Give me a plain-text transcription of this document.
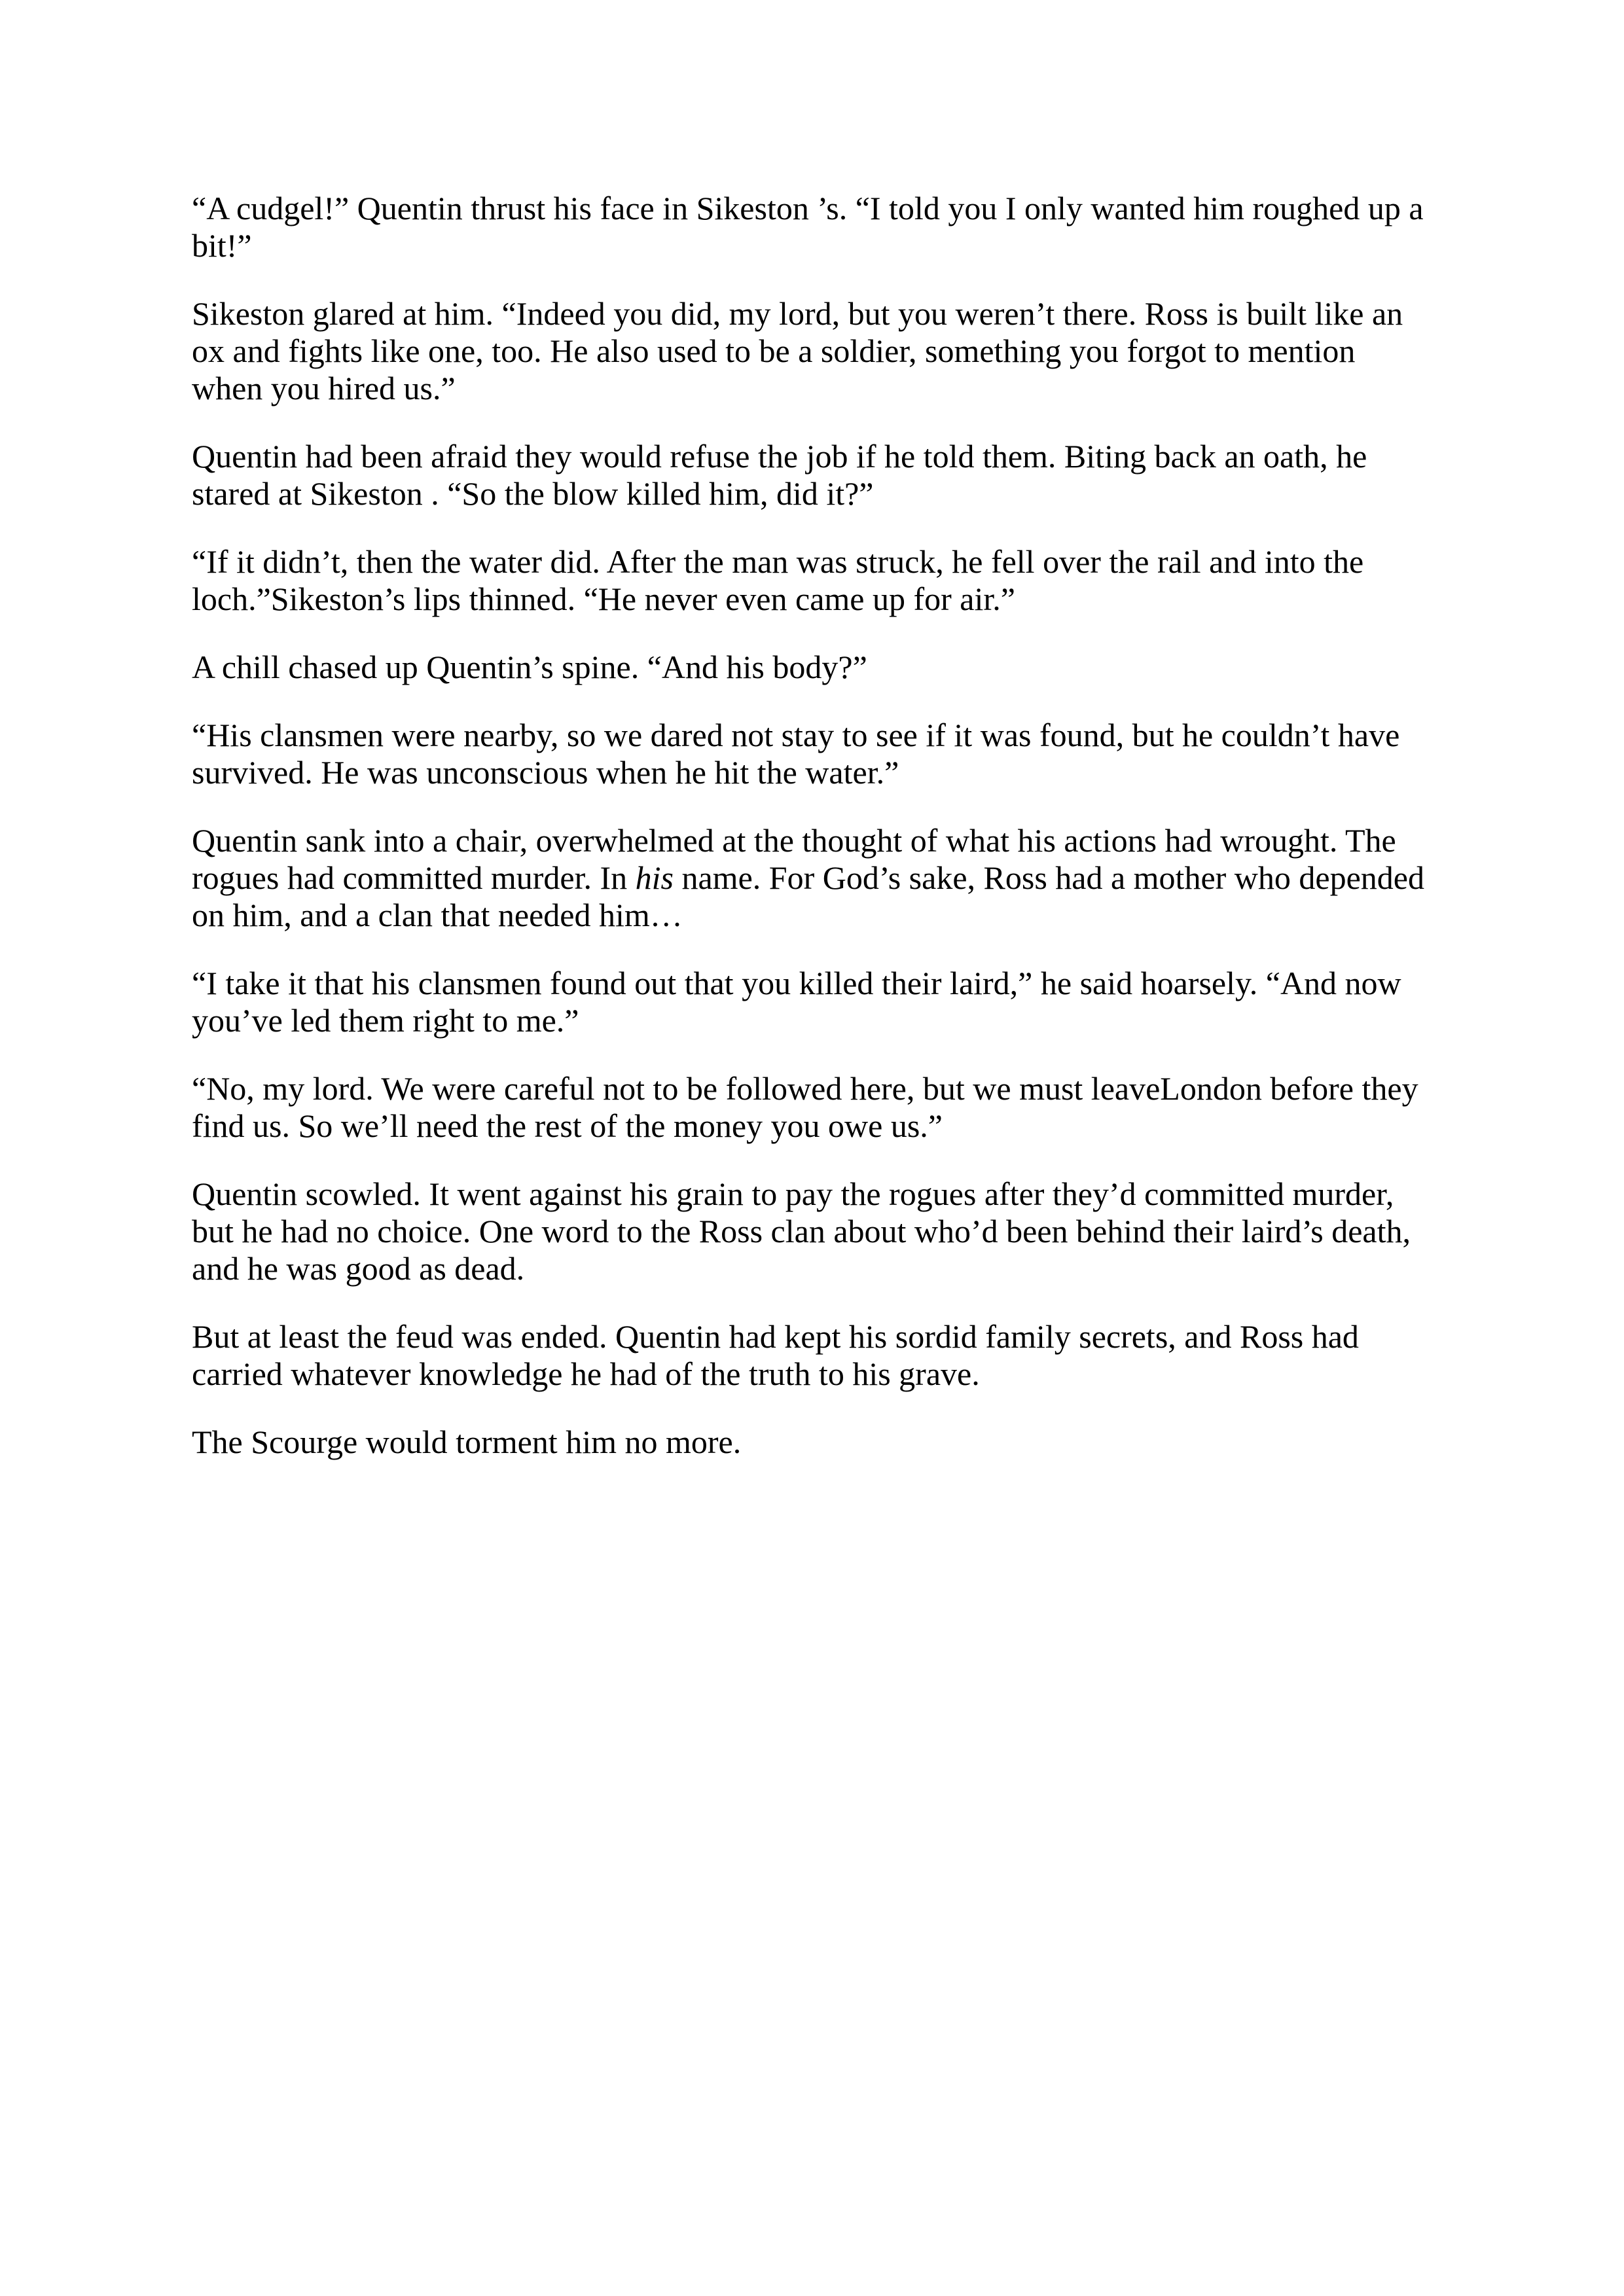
“A cudgel!” Quentin thrust his face in Sikeston ’s. “I told you I only wanted him roughed up a bit!”

Sikeston glared at him. “Indeed you did, my lord, but you weren’t there. Ross is built like an ox and fights like one, too. He also used to be a soldier, something you forgot to mention when you hired us.”

Quentin had been afraid they would refuse the job if he told them. Biting back an oath, he stared at Sikeston . “So the blow killed him, did it?”

“If it didn’t, then the water did. After the man was struck, he fell over the rail and into the loch.”Sikeston’s lips thinned. “He never even came up for air.”

A chill chased up Quentin’s spine. “And his body?”

“His clansmen were nearby, so we dared not stay to see if it was found, but he couldn’t have survived. He was unconscious when he hit the water.”

Quentin sank into a chair, overwhelmed at the thought of what his actions had wrought. The rogues had committed murder. In his name. For God’s sake, Ross had a mother who depended on him, and a clan that needed him…

“I take it that his clansmen found out that you killed their laird,” he said hoarsely. “And now you’ve led them right to me.”

“No, my lord. We were careful not to be followed here, but we must leaveLondon before they find us. So we’ll need the rest of the money you owe us.”

Quentin scowled. It went against his grain to pay the rogues after they’d committed murder, but he had no choice. One word to the Ross clan about who’d been behind their laird’s death, and he was good as dead.

But at least the feud was ended. Quentin had kept his sordid family secrets, and Ross had carried whatever knowledge he had of the truth to his grave.

The Scourge would torment him no more.
